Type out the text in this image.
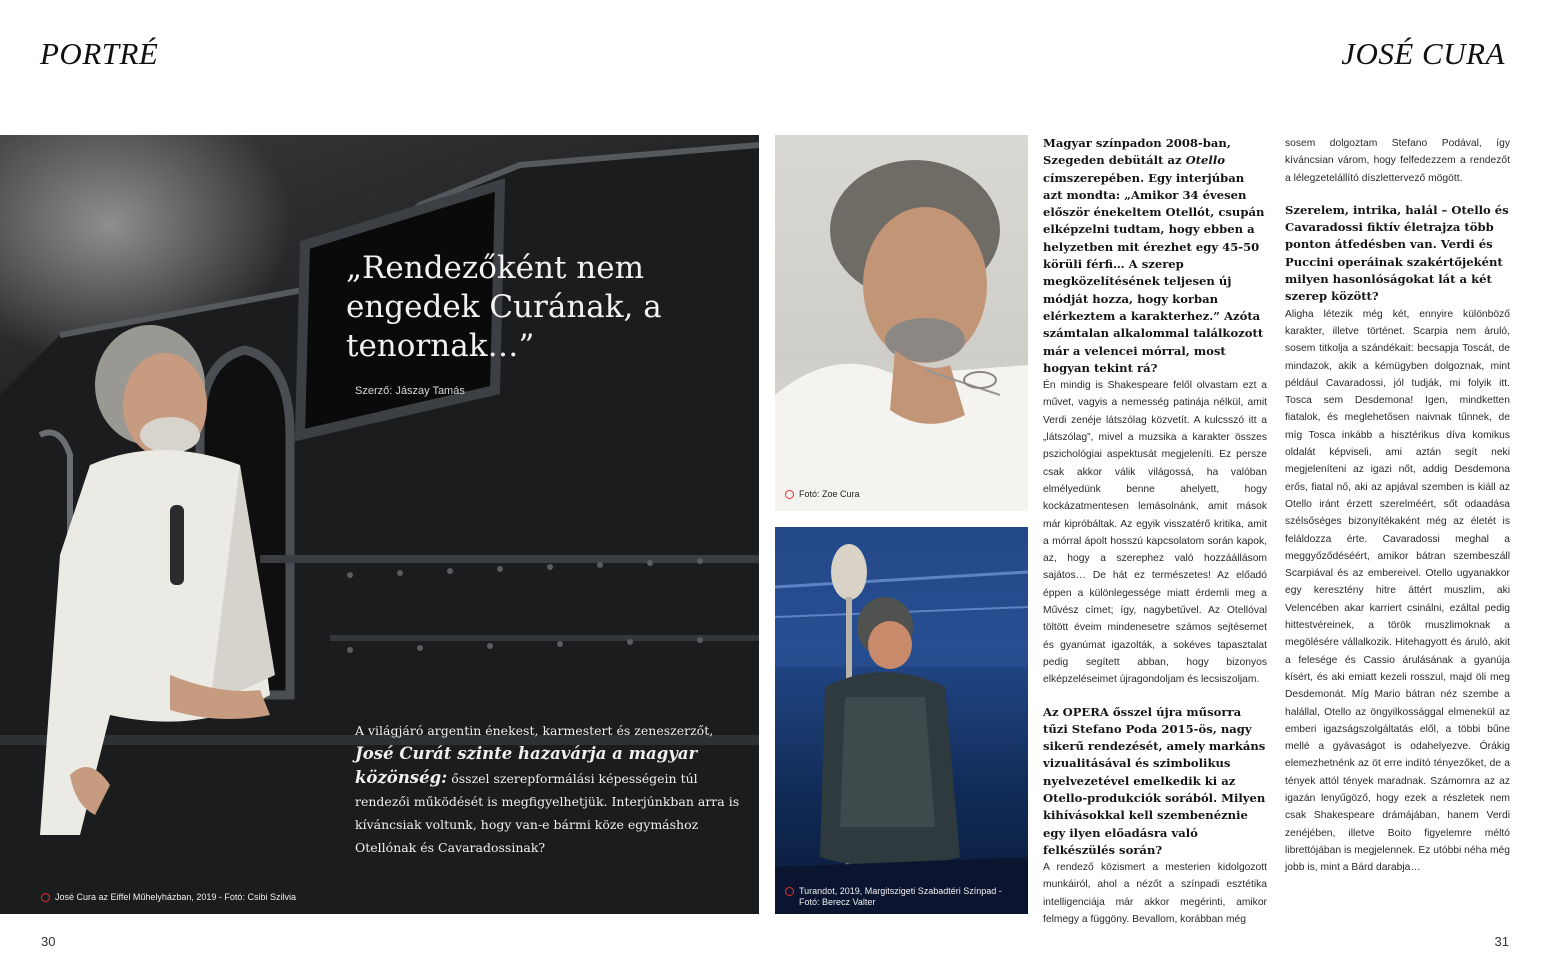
PORTRÉ	JOSÉ CURA
„Rendezőként nem engedek Curának, a tenornak…”
Szerző: Jászay Tamás
A világjáró argentin énekest, karmestert és zeneszerzőt, José Curát szinte hazavárja a magyar közönség: ősszel szerepformálási képességein túl rendezői működését is megfigyelhetjük. Interjúnkban arra is kíváncsiak voltunk, hogy van-e bármi köze egymáshoz Otellónak és Cavaradossinak?
José Cura az Eiffel Műhelyházban, 2019 - Fotó: Csibi Szilvia
Fotó: Zoe Cura
Turandot, 2019, Margitszigeti Szabadtéri Színpad - Fotó: Berecz Valter

Magyar színpadon 2008-ban, Szegeden debütált az Otello címszerepében. Egy interjúban azt mondta: „Amikor 34 évesen először énekeltem Otellót, csupán elképzelni tudtam, hogy ebben a helyzetben mit érezhet egy 45-50 körüli férfi… A szerep megközelítésének teljesen új módját hozza, hogy korban elérkeztem a karakterhez.” Azóta számtalan alkalommal találkozott már a velencei mórral, most hogyan tekint rá?

Én mindig is Shakespeare felől olvastam ezt a művet, vagyis a nemesség patinája nélkül, amit Verdi zenéje látszólag közvetít. A kulcsszó itt a „látszólag”, mivel a muzsika a karakter összes pszichológiai aspektusát megjeleníti. Ez persze csak akkor válik világossá, ha valóban elmélyedünk benne ahelyett, hogy kockázatmentesen lemásolnánk, amit mások már kipróbáltak. Az egyik visszatérő kritika, amit a mórral ápolt hosszú kapcsolatom során kapok, az, hogy a szerephez való hozzáállásom sajátos… De hát ez természetes! Az előadó éppen a különlegessége miatt érdemli meg a Művész címet; így, nagybetűvel. Az Otellóval töltött éveim mindenesetre számos sejtésemet és gyanúmat igazolták, a sokéves tapasztalat pedig segített abban, hogy bizonyos elképzeléseimet újragondoljam és lecsiszoljam.

Az OPERA ősszel újra műsorra tűzi Stefano Poda 2015-ös, nagy sikerű rendezését, amely markáns vizualitásával és szimbolikus nyelvezetével emelkedik ki az Otello-produkciók sorából. Milyen kihívásokkal kell szembenéznie egy ilyen előadásra való felkészülés során?

A rendező közismert a mesterien kidolgozott munkáiról, ahol a nézőt a színpadi esztétika intelligenciája már akkor megérinti, amikor felmegy a függöny. Bevallom, korábban még

sosem dolgoztam Stefano Podával, így kíváncsian várom, hogy felfedezzem a rendezőt a lélegzetelállító díszlettervező mögött.

Szerelem, intrika, halál – Otello és Cavaradossi fiktív életrajza több ponton átfedésben van. Verdi és Puccini operáinak szakértőjeként milyen hasonlóságokat lát a két szerep között?

Aligha létezik még két, ennyire különböző karakter, illetve történet. Scarpia nem áruló, sosem titkolja a szándékait: becsapja Toscát, de mindazok, akik a kémügyben dolgoznak, mint például Cavaradossi, jól tudják, mi folyik itt. Tosca sem Desdemona! Igen, mindketten fiatalok, és meglehetősen naivnak tűnnek, de míg Tosca inkább a hisztérikus díva komikus oldalát képviseli, ami aztán segít neki megjeleníteni az igazi nőt, addig Desdemona erős, fiatal nő, aki az apjával szemben is kiáll az Otello iránt érzett szerelméért, sőt odaadása szélsőséges bizonyítékaként még az életét is feláldozza érte. Cavaradossi meghal a meggyőződéséért, amikor bátran szembeszáll Scarpiával és az embereivel. Otello ugyanakkor egy keresztény hitre áttért muszlim, aki Velencében akar karriert csinálni, ezáltal pedig hittestvéreinek, a török muszlimoknak a megölésére vállalkozik. Hitehagyott és áruló, akit a felesége és Cassio árulásának a gyanúja kísért, és aki emiatt kezeli rosszul, majd öli meg Desdemonát. Míg Mario bátran néz szembe a halállal, Otello az öngyilkossággal elmenekül az emberi igazságszolgáltatás elől, a többi bűne mellé a gyávaságot is odahelyezve. Órákig elemezhetnénk az öt erre indító tényezőket, de a tények attól tények maradnak. Számomra az az igazán lenyűgöző, hogy ezek a részletek nem csak Shakespeare drámájában, hanem Verdi zenéjében, illetve Boito figyelemre méltó librettójában is megjelennek. Ez utóbbi néha még jobb is, mint a Bárd darabja…

30	31
